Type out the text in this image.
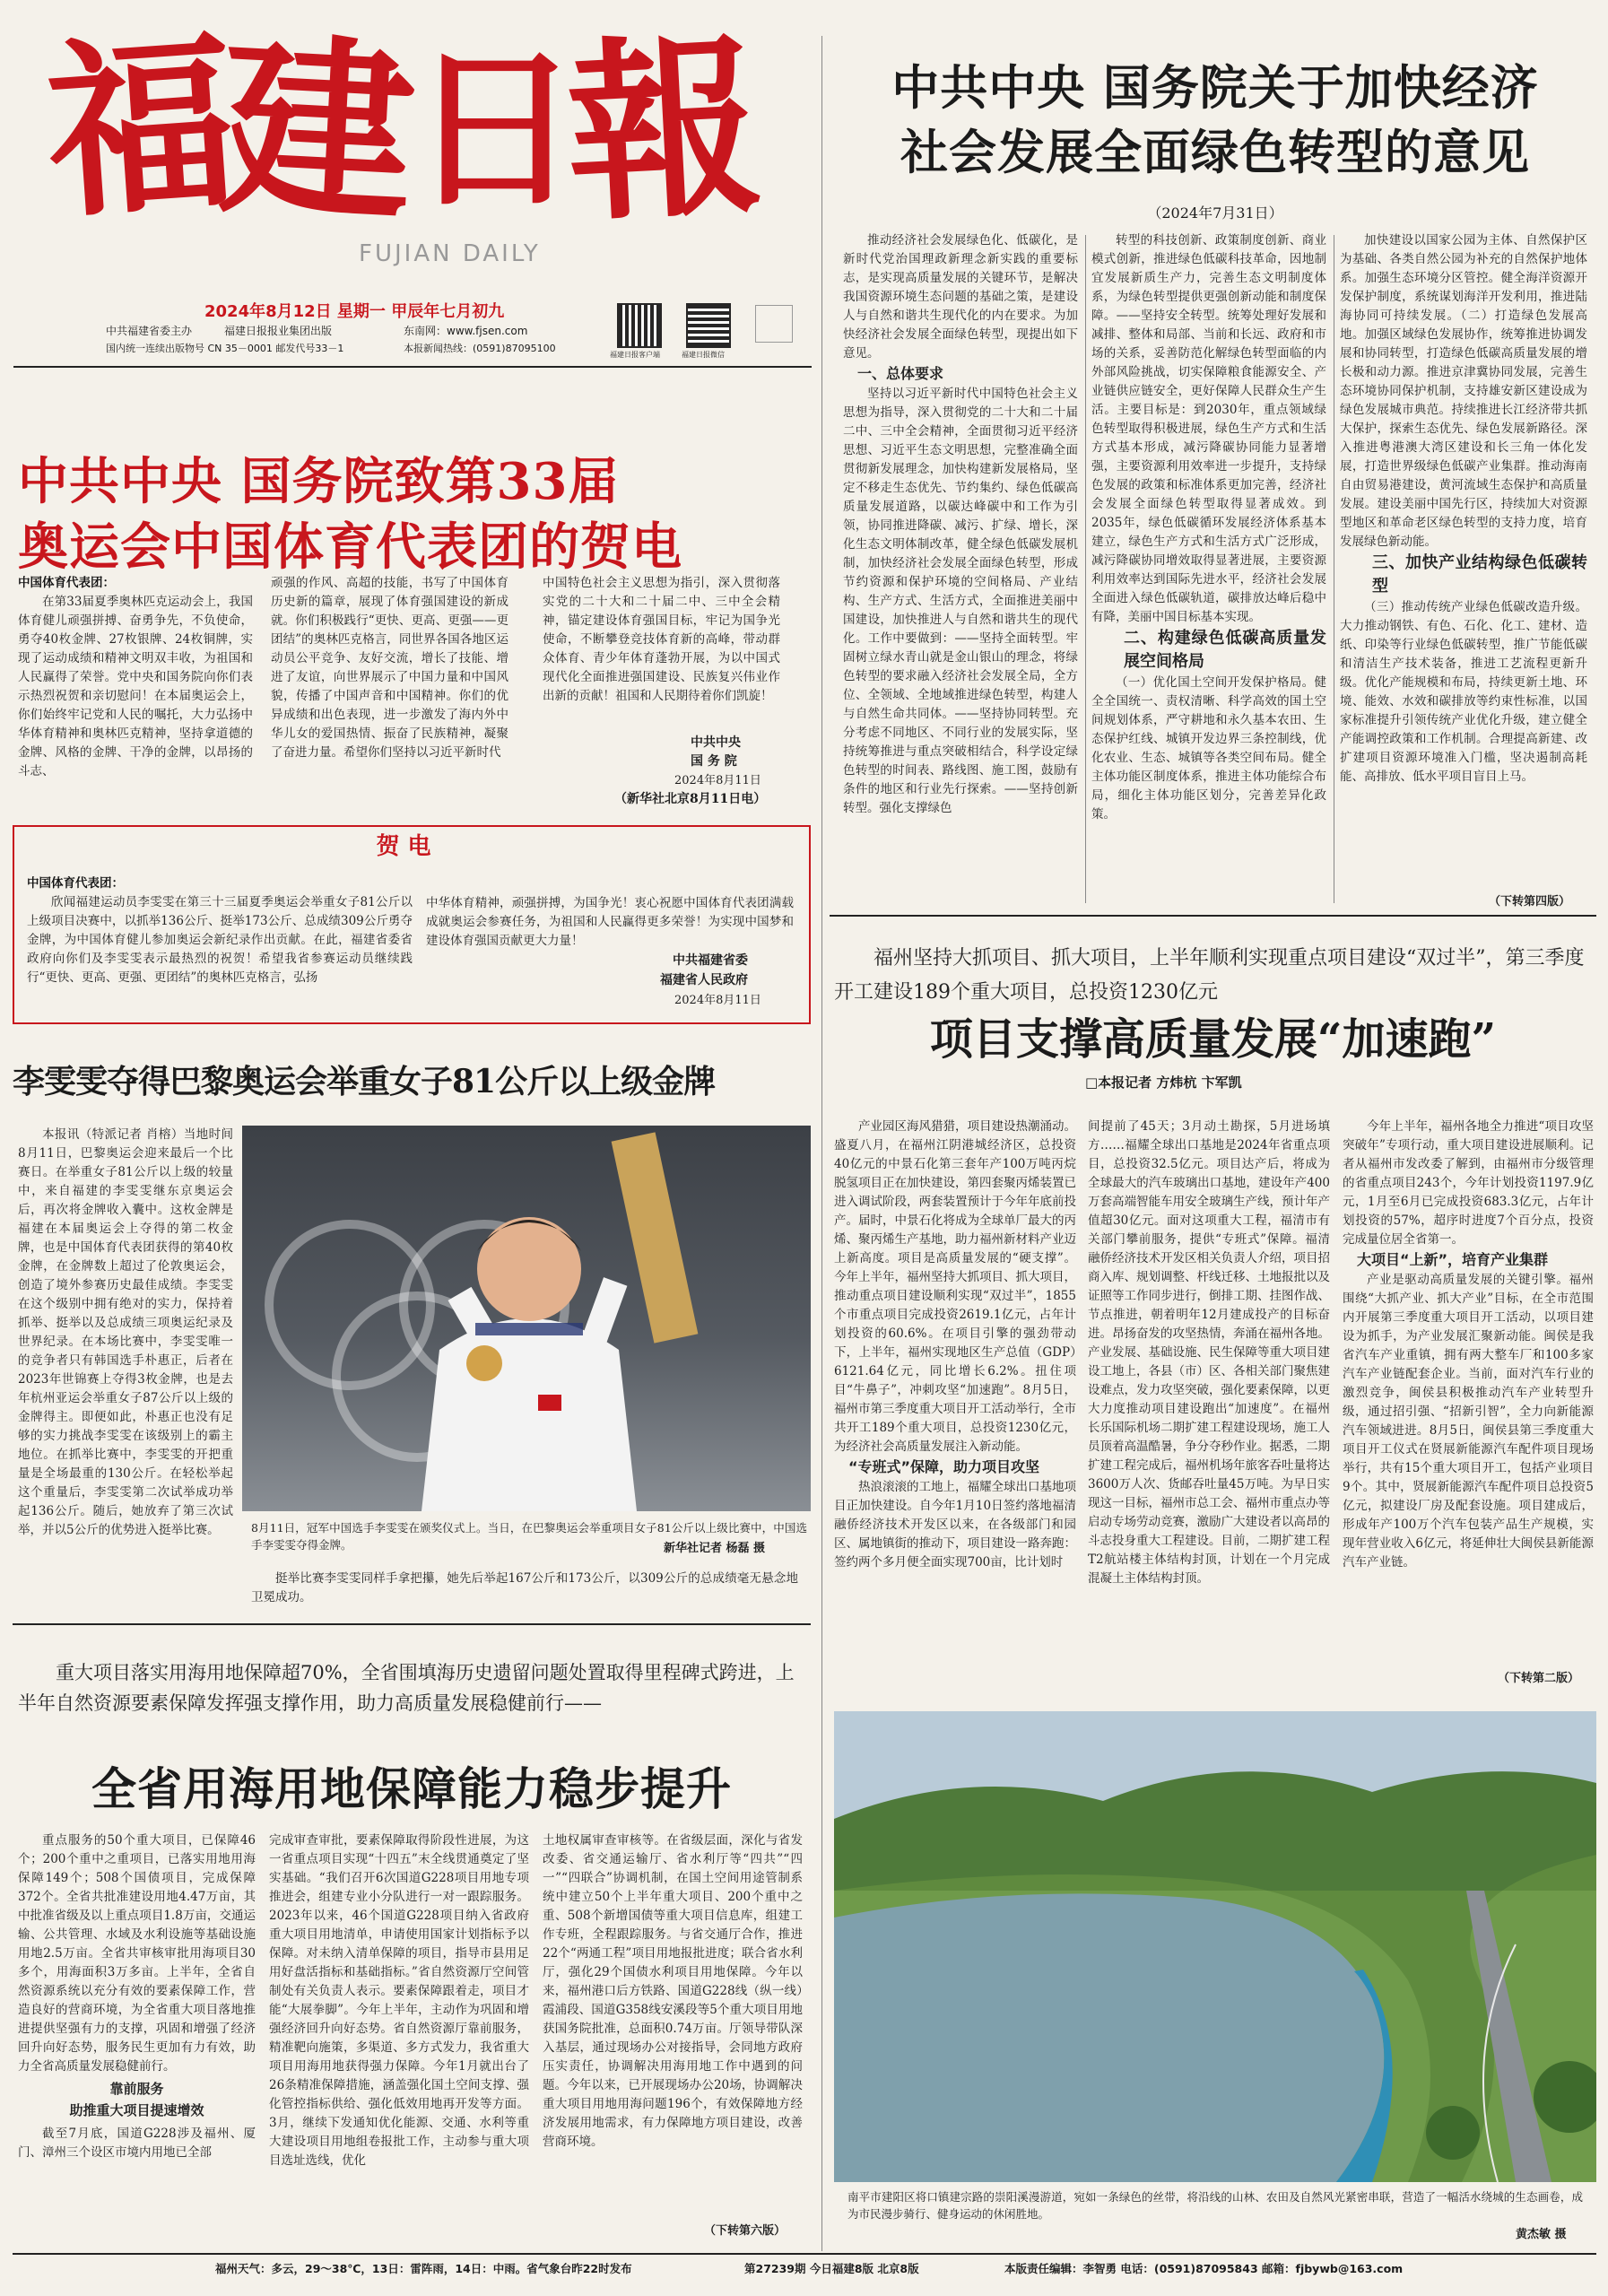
福
建
日
報
FUJIAN DAILY
2024年8月12日 星期一 甲辰年七月初九
中共福建省委主办	福建日报报业集团出版	东南网：www.fjsen.com
国内统一连续出版物号 CN 35－0001 邮发代号33－1	本报新闻热线：(0591)87095100
福建日报客户端	福建日报微信
中共中央 国务院关于加快经济
社会发展全面绿色转型的意见
（2024年7月31日）

推动经济社会发展绿色化、低碳化，是新时代党治国理政新理念新实践的重要标志，是实现高质量发展的关键环节，是解决我国资源环境生态问题的基础之策，是建设人与自然和谐共生现代化的内在要求。为加快经济社会发展全面绿色转型，现提出如下意见。

一、总体要求

坚持以习近平新时代中国特色社会主义思想为指导，深入贯彻党的二十大和二十届二中、三中全会精神，全面贯彻习近平经济思想、习近平生态文明思想，完整准确全面贯彻新发展理念，加快构建新发展格局，坚定不移走生态优先、节约集约、绿色低碳高质量发展道路，以碳达峰碳中和工作为引领，协同推进降碳、减污、扩绿、增长，深化生态文明体制改革，健全绿色低碳发展机制，加快经济社会发展全面绿色转型，形成节约资源和保护环境的空间格局、产业结构、生产方式、生活方式，全面推进美丽中国建设，加快推进人与自然和谐共生的现代化。工作中要做到：——坚持全面转型。牢固树立绿水青山就是金山银山的理念，将绿色转型的要求融入经济社会发展全局，全方位、全领域、全地域推进绿色转型，构建人与自然生命共同体。——坚持协同转型。充分考虑不同地区、不同行业的发展实际，坚持统筹推进与重点突破相结合，科学设定绿色转型的时间表、路线图、施工图，鼓励有条件的地区和行业先行探索。——坚持创新转型。强化支撑绿色

转型的科技创新、政策制度创新、商业模式创新，推进绿色低碳科技革命，因地制宜发展新质生产力，完善生态文明制度体系，为绿色转型提供更强创新动能和制度保障。——坚持安全转型。统筹处理好发展和减排、整体和局部、当前和长远、政府和市场的关系，妥善防范化解绿色转型面临的内外部风险挑战，切实保障粮食能源安全、产业链供应链安全，更好保障人民群众生产生活。主要目标是：到2030年，重点领域绿色转型取得积极进展，绿色生产方式和生活方式基本形成，减污降碳协同能力显著增强，主要资源利用效率进一步提升，支持绿色发展的政策和标准体系更加完善，经济社会发展全面绿色转型取得显著成效。到2035年，绿色低碳循环发展经济体系基本建立，绿色生产方式和生活方式广泛形成，减污降碳协同增效取得显著进展，主要资源利用效率达到国际先进水平，经济社会发展全面进入绿色低碳轨道，碳排放达峰后稳中有降，美丽中国目标基本实现。

二、构建绿色低碳高质量发展空间格局

（一）优化国土空间开发保护格局。健全全国统一、责权清晰、科学高效的国土空间规划体系，严守耕地和永久基本农田、生态保护红线、城镇开发边界三条控制线，优化农业、生态、城镇等各类空间布局。健全主体功能区制度体系，推进主体功能综合布局，细化主体功能区划分，完善差异化政策。

加快建设以国家公园为主体、自然保护区为基础、各类自然公园为补充的自然保护地体系。加强生态环境分区管控。健全海洋资源开发保护制度，系统谋划海洋开发利用，推进陆海协同可持续发展。（二）打造绿色发展高地。加强区域绿色发展协作，统筹推进协调发展和协同转型，打造绿色低碳高质量发展的增长极和动力源。推进京津冀协同发展，完善生态环境协同保护机制，支持雄安新区建设成为绿色发展城市典范。持续推进长江经济带共抓大保护，探索生态优先、绿色发展新路径。深入推进粤港澳大湾区建设和长三角一体化发展，打造世界级绿色低碳产业集群。推动海南自由贸易港建设，黄河流域生态保护和高质量发展。建设美丽中国先行区，持续加大对资源型地区和革命老区绿色转型的支持力度，培育发展绿色新动能。

三、加快产业结构绿色低碳转型

（三）推动传统产业绿色低碳改造升级。大力推动钢铁、有色、石化、化工、建材、造纸、印染等行业绿色低碳转型，推广节能低碳和清洁生产技术装备，推进工艺流程更新升级。优化产能规模和布局，持续更新土地、环境、能效、水效和碳排放等约束性标准，以国家标准提升引领传统产业优化升级，建立健全产能调控政策和工作机制。合理提高新建、改扩建项目资源环境准入门槛，坚决遏制高耗能、高排放、低水平项目盲目上马。

（下转第四版）
中共中央 国务院致第33届
奥运会中国体育代表团的贺电
中国体育代表团：

在第33届夏季奥林匹克运动会上，我国体育健儿顽强拼搏、奋勇争先，不负使命，勇夺40枚金牌、27枚银牌、24枚铜牌，实现了运动成绩和精神文明双丰收，为祖国和人民赢得了荣誉。党中央和国务院向你们表示热烈祝贺和亲切慰问！在本届奥运会上，你们始终牢记党和人民的嘱托，大力弘扬中华体育精神和奥林匹克精神，坚持拿道德的金牌、风格的金牌、干净的金牌，以昂扬的斗志、

顽强的作风、高超的技能，书写了中国体育历史新的篇章，展现了体育强国建设的新成就。你们积极践行“更快、更高、更强——更团结”的奥林匹克格言，同世界各国各地区运动员公平竞争、友好交流，增长了技能、增进了友谊，向世界展示了中国力量和中国风貌，传播了中国声音和中国精神。你们的优异成绩和出色表现，进一步激发了海内外中华儿女的爱国热情、振奋了民族精神，凝聚了奋进力量。希望你们坚持以习近平新时代

中国特色社会主义思想为指引，深入贯彻落实党的二十大和二十届二中、三中全会精神，锚定建设体育强国目标，牢记为国争光使命，不断攀登竞技体育新的高峰，带动群众体育、青少年体育蓬勃开展，为以中国式现代化全面推进强国建设、民族复兴伟业作出新的贡献！祖国和人民期待着你们凯旋！

中共中央
国 务 院
2024年8月11日
（新华社北京8月11日电）
贺 电
中国体育代表团：

欣闻福建运动员李雯雯在第三十三届夏季奥运会举重女子81公斤以上级项目决赛中，以抓举136公斤、挺举173公斤、总成绩309公斤勇夺金牌，为中国体育健儿参加奥运会新纪录作出贡献。在此，福建省委省政府向你们及李雯雯表示最热烈的祝贺！希望我省参赛运动员继续践行“更快、更高、更强、更团结”的奥林匹克格言，弘扬

中华体育精神，顽强拼搏，为国争光！衷心祝愿中国体育代表团满载成就奥运会参赛任务，为祖国和人民赢得更多荣誉！为实现中国梦和建设体育强国贡献更大力量！

中共福建省委
福建省人民政府
2024年8月11日
李雯雯夺得巴黎奥运会举重女子81公斤以上级金牌

本报讯（特派记者 肖榕）当地时间8月11日，巴黎奥运会迎来最后一个比赛日。在举重女子81公斤以上级的较量中，来自福建的李雯雯继东京奥运会后，再次将金牌收入囊中。这枚金牌是福建在本届奥运会上夺得的第二枚金牌，也是中国体育代表团获得的第40枚金牌，在金牌数上超过了伦敦奥运会，创造了境外参赛历史最佳成绩。李雯雯在这个级别中拥有绝对的实力，保持着抓举、挺举以及总成绩三项奥运纪录及世界纪录。在本场比赛中，李雯雯唯一的竞争者只有韩国选手朴惠正，后者在2023年世锦赛上夺得3枚金牌，也是去年杭州亚运会举重女子87公斤以上级的金牌得主。即便如此，朴惠正也没有足够的实力挑战李雯雯在该级别上的霸主地位。在抓举比赛中，李雯雯的开把重量是全场最重的130公斤。在轻松举起这个重量后，李雯雯第二次试举成功举起136公斤。随后，她放弃了第三次试举，并以5公斤的优势进入挺举比赛。	8月11日，冠军中国选手李雯雯在颁奖仪式上。当日，在巴黎奥运会举重项目女子81公斤以上级比赛中，中国选手李雯雯夺得金牌。	新华社记者 杨磊 摄

挺举比赛李雯雯同样手拿把攥，她先后举起167公斤和173公斤，以309公斤的总成绩毫无悬念地卫冕成功。

重大项目落实用海用地保障超70%，全省围填海历史遗留问题处置取得里程碑式跨进，上半年自然资源要素保障发挥强支撑作用，助力高质量发展稳健前行——
全省用海用地保障能力稳步提升

重点服务的50个重大项目，已保障46个；200个重中之重项目，已落实用地用海保障149个；508个国债项目，完成保障372个。全省共批准建设用地4.47万亩，其中批准省级及以上重点项目1.8万亩，交通运输、公共管理、水域及水利设施等基础设施用地2.5万亩。全省共审核审批用海项目30多个，用海面积3万多亩。上半年，全省自然资源系统以充分有效的要素保障工作，营造良好的营商环境，为全省重大项目落地推进提供坚强有力的支撑，巩固和增强了经济回升向好态势，服务民生更加有力有效，助力全省高质量发展稳健前行。

靠前服务

助推重大项目提速增效

截至7月底，国道G228涉及福州、厦门、漳州三个设区市境内用地已全部

完成审查审批，要素保障取得阶段性进展，为这一省重点项目实现“十四五”末全线贯通奠定了坚实基础。“我们召开6次国道G228项目用地专项推进会，组建专业小分队进行一对一跟踪服务。2023年以来，46个国道G228项目纳入省政府重大项目用地清单，申请使用国家计划指标予以保障。对未纳入清单保障的项目，指导市县用足用好盘活指标和基础指标。”省自然资源厅空间管制处有关负责人表示。要素保障跟着走，项目才能“大展拳脚”。今年上半年，主动作为巩固和增强经济回升向好态势。省自然资源厅靠前服务，精准靶向施策，多渠道、多方式发力，我省重大项目用海用地获得强力保障。今年1月就出台了26条精准保障措施，涵盖强化国土空间支撑、强化管控指标供给、强化低效用地再开发等方面。3月，继续下发通知优化能源、交通、水利等重大建设项目用地组卷报批工作，主动参与重大项目选址选线，优化

土地权属审查审核等。在省级层面，深化与省发改委、省交通运输厅、省水利厅等“四共”“四一”“四联合”协调机制，在国土空间用途管制系统中建立50个上半年重大项目、200个重中之重、508个新增国债等重大项目信息库，组建工作专班，全程跟踪服务。与省交通厅合作，推进22个“两通工程”项目用地报批进度；联合省水利厅，强化29个国债水利项目用地保障。今年以来，福州港口后方铁路、国道G228线（纵一线）霞浦段、国道G358线安溪段等5个重大项目用地获国务院批准，总面积0.74万亩。厅领导带队深入基层，通过现场办公对接指导，会同地方政府压实责任，协调解决用海用地工作中遇到的问题。今年以来，已开展现场办公20场，协调解决重大项目用地用海问题196个，有效保障地方经济发展用地需求，有力保障地方项目建设，改善营商环境。

（下转第六版）
福州坚持大抓项目、抓大项目，上半年顺利实现重点项目建设“双过半”，第三季度开工建设189个重大项目，总投资1230亿元
项目支撑高质量发展“加速跑”
□本报记者 方炜杭 卞军凯

产业园区海风猎猎，项目建设热潮涌动。盛夏八月，在福州江阴港城经济区，总投资40亿元的中景石化第三套年产100万吨丙烷脱氢项目正在加快建设，第四套聚丙烯装置已进入调试阶段，两套装置预计于今年年底前投产。届时，中景石化将成为全球单厂最大的丙烯、聚丙烯生产基地，助力福州新材料产业迈上新高度。项目是高质量发展的“硬支撑”。今年上半年，福州坚持大抓项目、抓大项目，推动重点项目建设顺利实现“双过半”，1855个市重点项目完成投资2619.1亿元，占年计划投资的60.6%。在项目引擎的强劲带动下，上半年，福州实现地区生产总值（GDP）6121.64亿元，同比增长6.2%。扭住项目“牛鼻子”，冲刺攻坚“加速跑”。8月5日，福州市第三季度重大项目开工活动举行，全市共开工189个重大项目，总投资1230亿元，为经济社会高质量发展注入新动能。

“专班式”保障，助力项目攻坚

热浪滚滚的工地上，福耀全球出口基地项目正加快建设。自今年1月10日签约落地福清融侨经济技术开发区以来，在各级部门和园区、属地镇街的推动下，项目建设一路奔跑：签约两个多月便全面实现700亩，比计划时

间提前了45天；3月动土勘探，5月进场填方……福耀全球出口基地是2024年省重点项目，总投资32.5亿元。项目达产后，将成为全球最大的汽车玻璃出口基地，建设年产400万套高端智能车用安全玻璃生产线，预计年产值超30亿元。面对这项重大工程，福清市有关部门攀前服务，提供“专班式”保障。福清融侨经济技术开发区相关负责人介绍，项目招商入库、规划调整、杆线迁移、土地报批以及证照等工作同步进行，倒排工期、挂图作战、节点推进，朝着明年12月建成投产的目标奋进。昂扬奋发的攻坚热情，奔涌在福州各地。产业发展、基础设施、民生保障等重大项目建设工地上，各县（市）区、各相关部门聚焦建设难点，发力攻坚突破，强化要素保障，以更大力度推动项目建设跑出“加速度”。在福州长乐国际机场二期扩建工程建设现场，施工人员顶着高温酷暑，争分夺秒作业。据悉，二期扩建工程完成后，福州机场年旅客吞吐量将达3600万人次、货邮吞吐量45万吨。为早日实现这一目标，福州市总工会、福州市重点办等启动专场劳动竞赛，激励广大建设者以高昂的斗志投身重大工程建设。目前，二期扩建工程T2航站楼主体结构封顶，计划在一个月完成混凝土主体结构封顶。

今年上半年，福州各地全力推进“项目攻坚突破年”专项行动，重大项目建设进展顺利。记者从福州市发改委了解到，由福州市分级管理的省重点项目243个，今年计划投资1197.9亿元，1月至6月已完成投资683.3亿元，占年计划投资的57%，超序时进度7个百分点，投资完成量位居全省第一。

大项目“上新”，培育产业集群

产业是驱动高质量发展的关键引擎。福州围绕“大抓产业、抓大产业”目标，在全市范围内开展第三季度重大项目开工活动，以项目建设为抓手，为产业发展汇聚新动能。闽侯是我省汽车产业重镇，拥有两大整车厂和100多家汽车产业链配套企业。当前，面对汽车行业的激烈竞争，闽侯县积极推动汽车产业转型升级，通过招引强、“招新引智”，全力向新能源汽车领域进进。8月5日，闽侯县第三季度重大项目开工仪式在贤展新能源汽车配件项目现场举行，共有15个重大项目开工，包括产业项目9个。其中，贤展新能源汽车配件项目总投资5亿元，拟建设厂房及配套设施。项目建成后，形成年产100万个汽车包装产品生产规模，实现年营业收入6亿元，将延伸壮大闽侯县新能源汽车产业链。

（下转第二版）
南平市建阳区将口镇建宗路的崇阳溪漫游道，宛如一条绿色的丝带，将沿线的山林、农田及自然风光紧密串联，营造了一幅活水绕城的生态画卷，成为市民漫步骑行、健身运动的休闲胜地。
黄杰敏 摄
福州天气：多云，29～38℃，13日：雷阵雨，14日：中雨。省气象台昨22时发布	第27239期 今日福建8版 北京8版	本版责任编辑：李智勇 电话：(0591)87095843 邮箱：fjbywb@163.com
